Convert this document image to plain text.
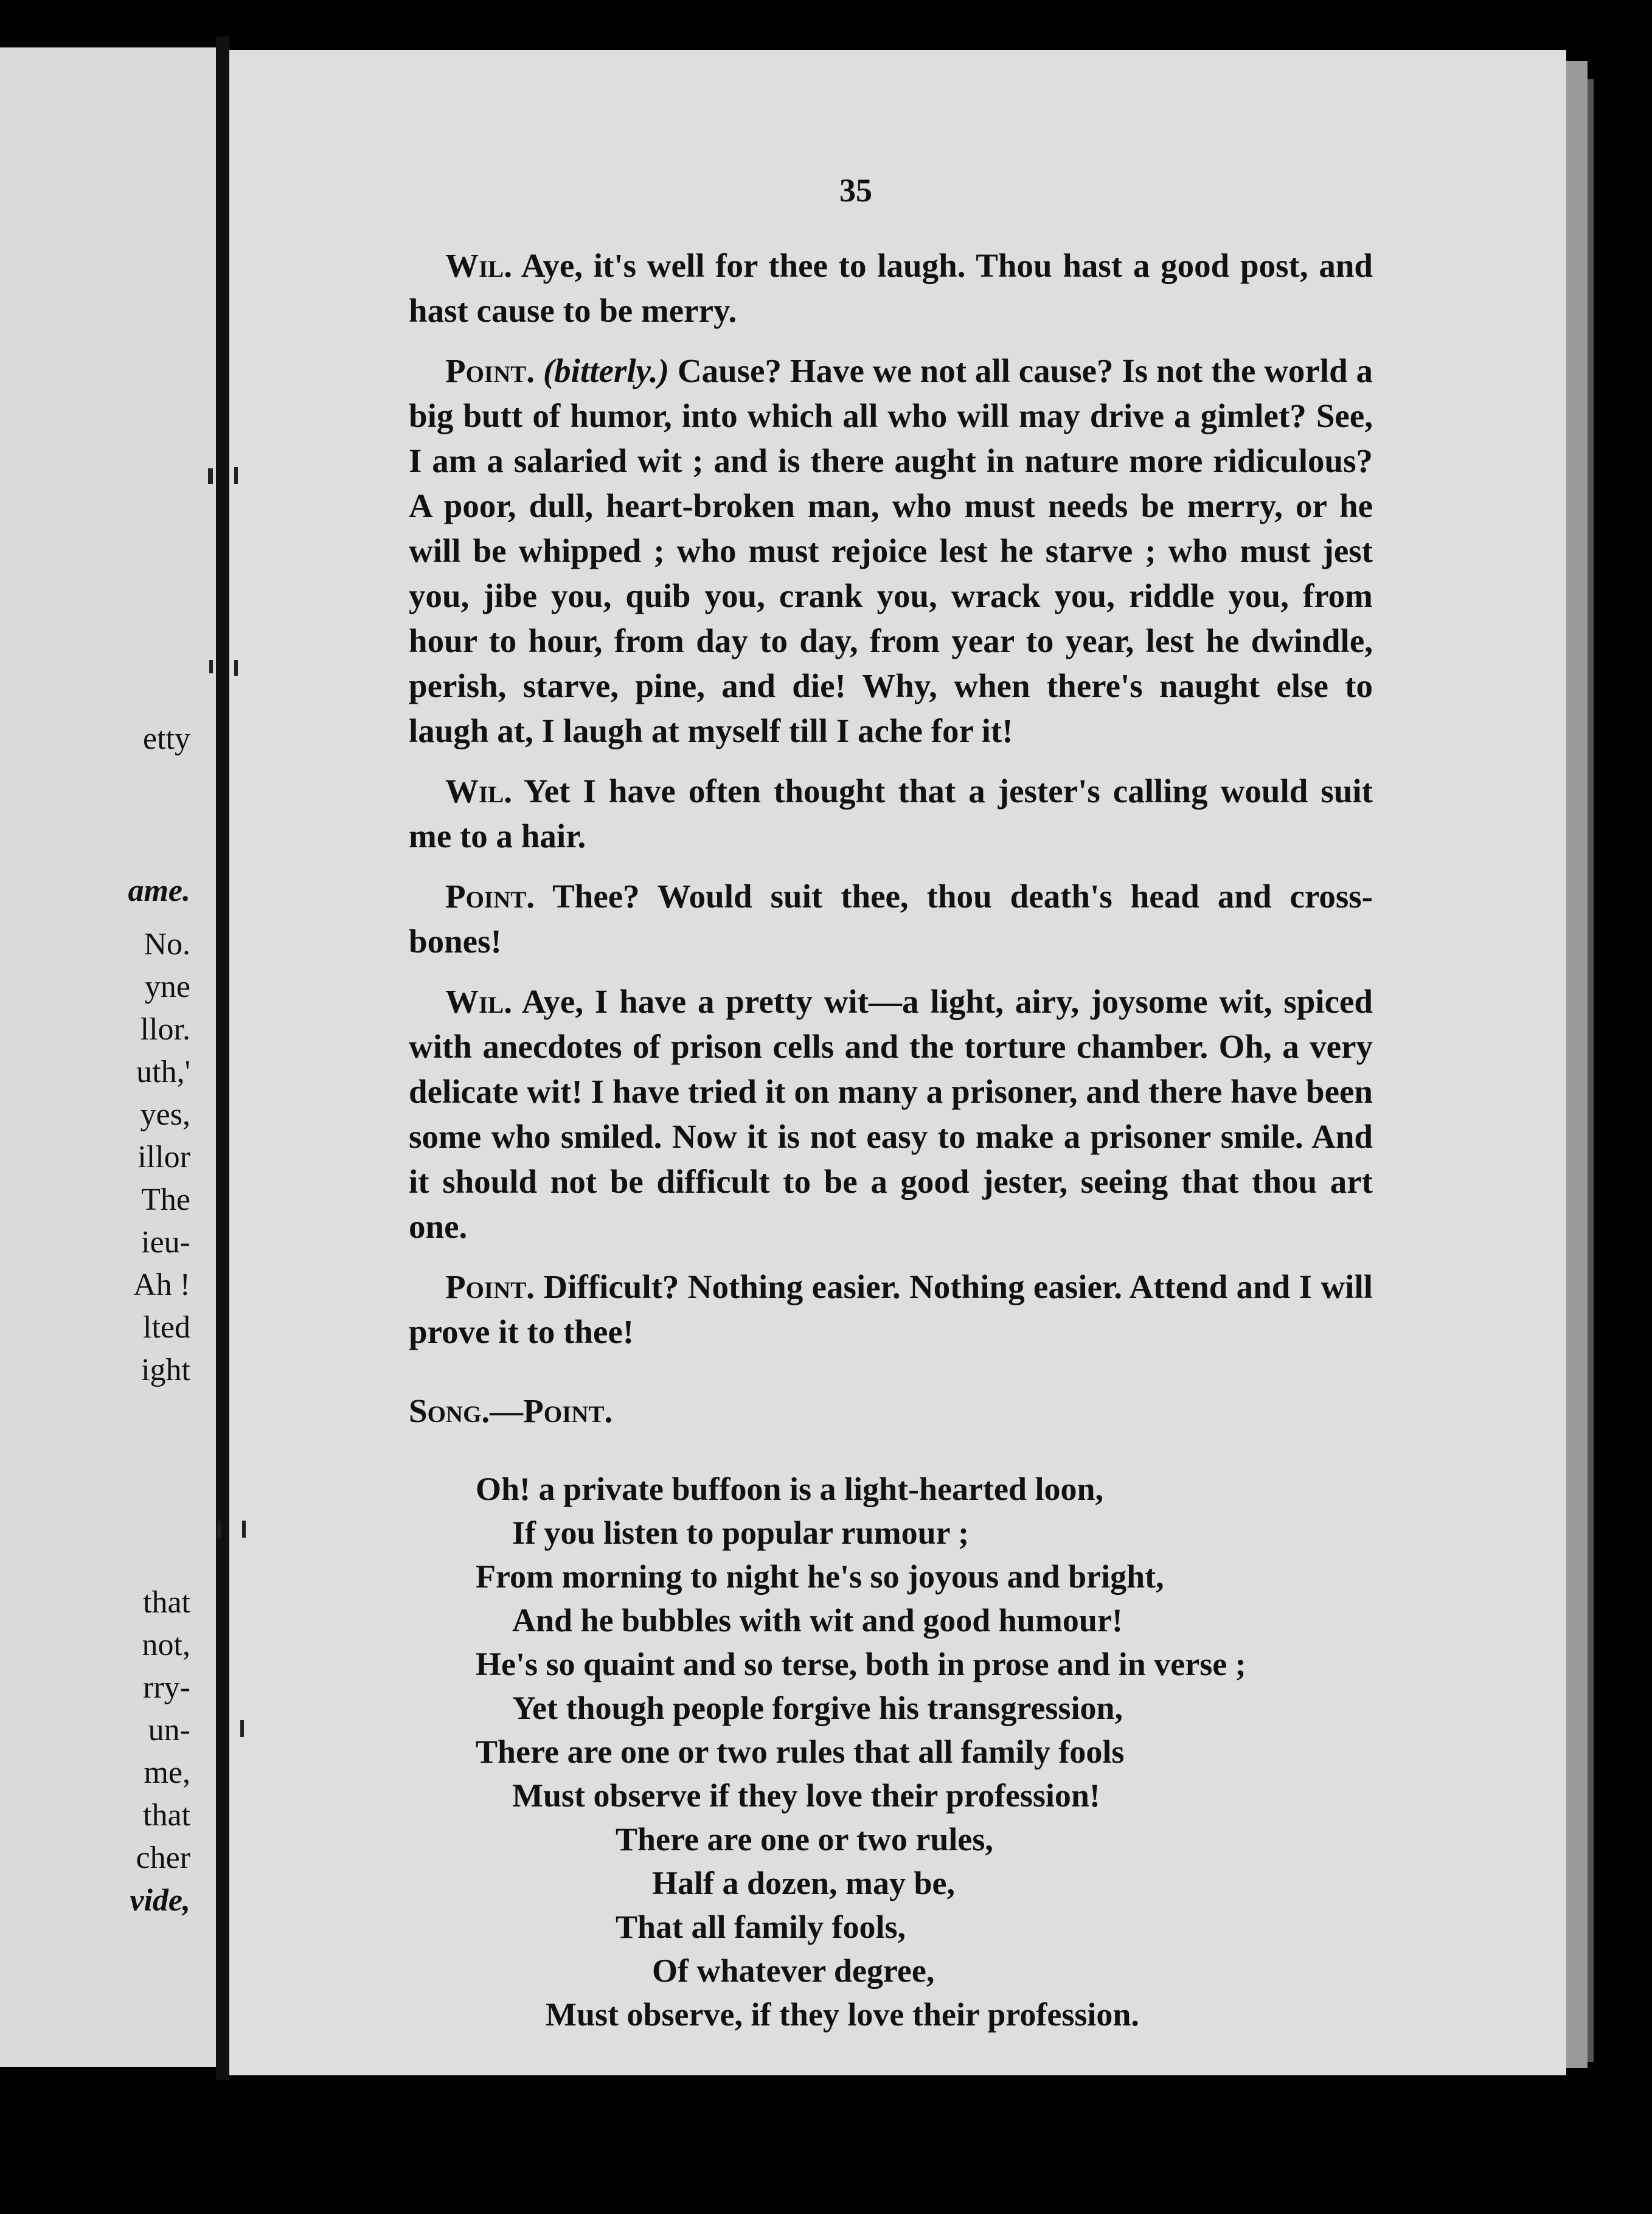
etty
ame.
No.
yne
llor.
uth,'
yes,
illor
The
ieu-
Ah !
lted
ight
that
not,
rry-
un-
me,
that
cher
vide,
35

Wil. Aye, it's well for thee to laugh. Thou hast a good post, and hast cause to be merry.

Point. (bitterly.) Cause? Have we not all cause? Is not the world a big butt of humor, into which all who will may drive a gimlet? See, I am a salaried wit ; and is there aught in nature more ridiculous? A poor, dull, heart-broken man, who must needs be merry, or he will be whipped ; who must rejoice lest he starve ; who must jest you, jibe you, quib you, crank you, wrack you, riddle you, from hour to hour, from day to day, from year to year, lest he dwindle, perish, starve, pine, and die! Why, when there's naught else to laugh at, I laugh at myself till I ache for it!

Wil. Yet I have often thought that a jester's calling would suit me to a hair.

Point. Thee? Would suit thee, thou death's head and cross-bones!

Wil. Aye, I have a pretty wit—a light, airy, joysome wit, spiced with anecdotes of prison cells and the torture chamber. Oh, a very delicate wit! I have tried it on many a prisoner, and there have been some who smiled. Now it is not easy to make a prisoner smile. And it should not be difficult to be a good jester, seeing that thou art one.

Point. Difficult? Nothing easier. Nothing easier. Attend and I will prove it to thee!

Song.—Point.
Oh! a private buffoon is a light-hearted loon,
If you listen to popular rumour ;
From morning to night he's so joyous and bright,
And he bubbles with wit and good humour!
He's so quaint and so terse, both in prose and in verse ;
Yet though people forgive his transgression,
There are one or two rules that all family fools
Must observe if they love their profession!
There are one or two rules,
Half a dozen, may be,
That all family fools,
Of whatever degree,
Must observe, if they love their profession.
